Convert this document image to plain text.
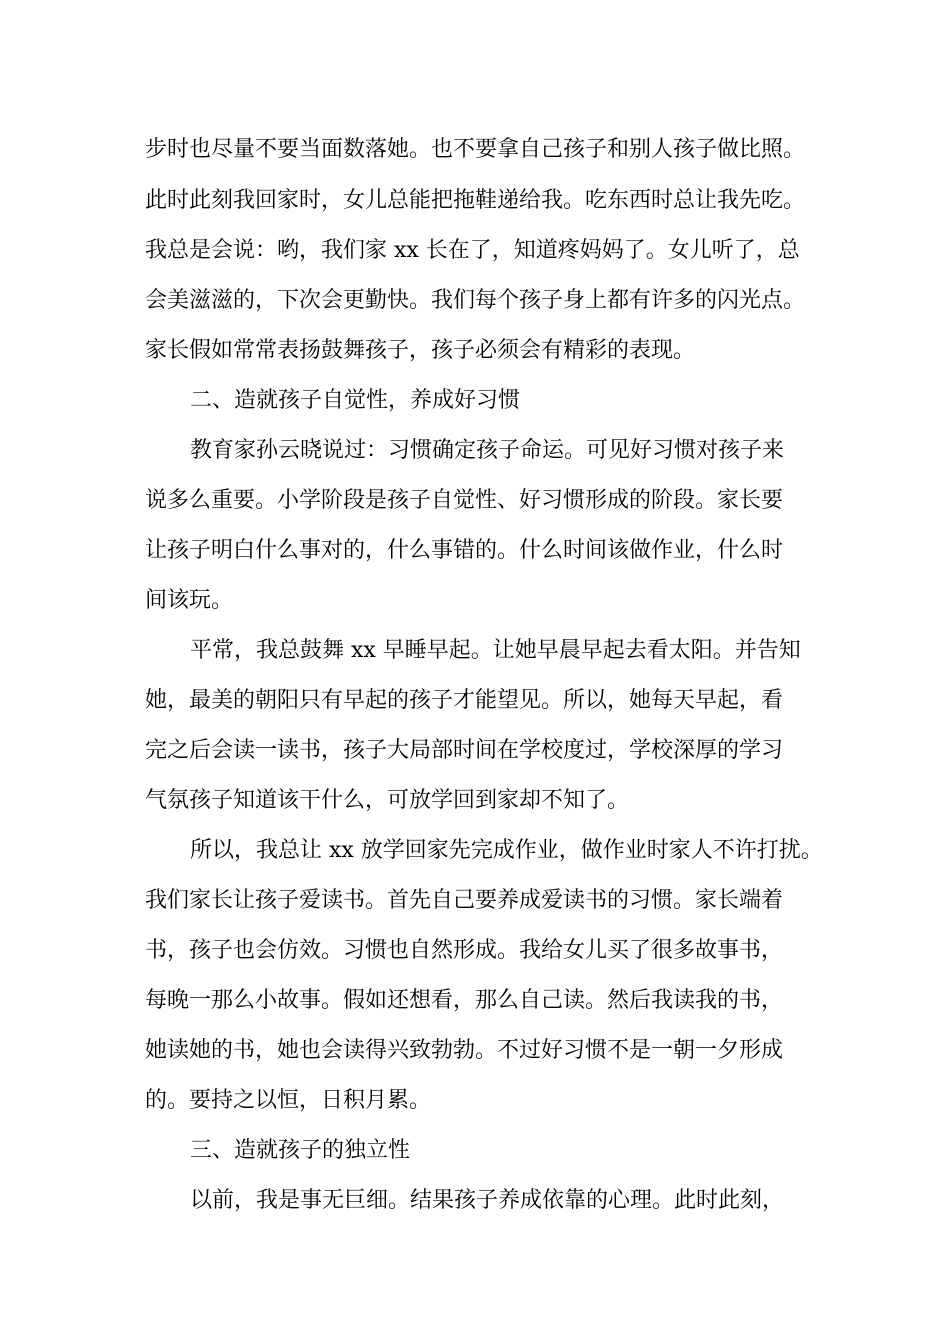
步时也尽量不要当面数落她。也不要拿自己孩子和别人孩子做比照。
此时此刻我回家时，女儿总能把拖鞋递给我。吃东西时总让我先吃。
我总是会说：哟，我们家 xx 长在了，知道疼妈妈了。女儿听了，总
会美滋滋的，下次会更勤快。我们每个孩子身上都有许多的闪光点。
家长假如常常表扬鼓舞孩子，孩子必须会有精彩的表现。
二、造就孩子自觉性，养成好习惯
教育家孙云晓说过：习惯确定孩子命运。可见好习惯对孩子来
说多么重要。小学阶段是孩子自觉性、好习惯形成的阶段。家长要
让孩子明白什么事对的，什么事错的。什么时间该做作业，什么时
间该玩。
平常，我总鼓舞 xx 早睡早起。让她早晨早起去看太阳。并告知
她，最美的朝阳只有早起的孩子才能望见。所以，她每天早起，看
完之后会读一读书，孩子大局部时间在学校度过，学校深厚的学习
气氛孩子知道该干什么，可放学回到家却不知了。
所以，我总让 xx 放学回家先完成作业，做作业时家人不许打扰。
我们家长让孩子爱读书。首先自己要养成爱读书的习惯。家长端着
书，孩子也会仿效。习惯也自然形成。我给女儿买了很多故事书，
每晚一那么小故事。假如还想看，那么自己读。然后我读我的书，
她读她的书，她也会读得兴致勃勃。不过好习惯不是一朝一夕形成
的。要持之以恒，日积月累。
三、造就孩子的独立性
以前，我是事无巨细。结果孩子养成依靠的心理。此时此刻，
